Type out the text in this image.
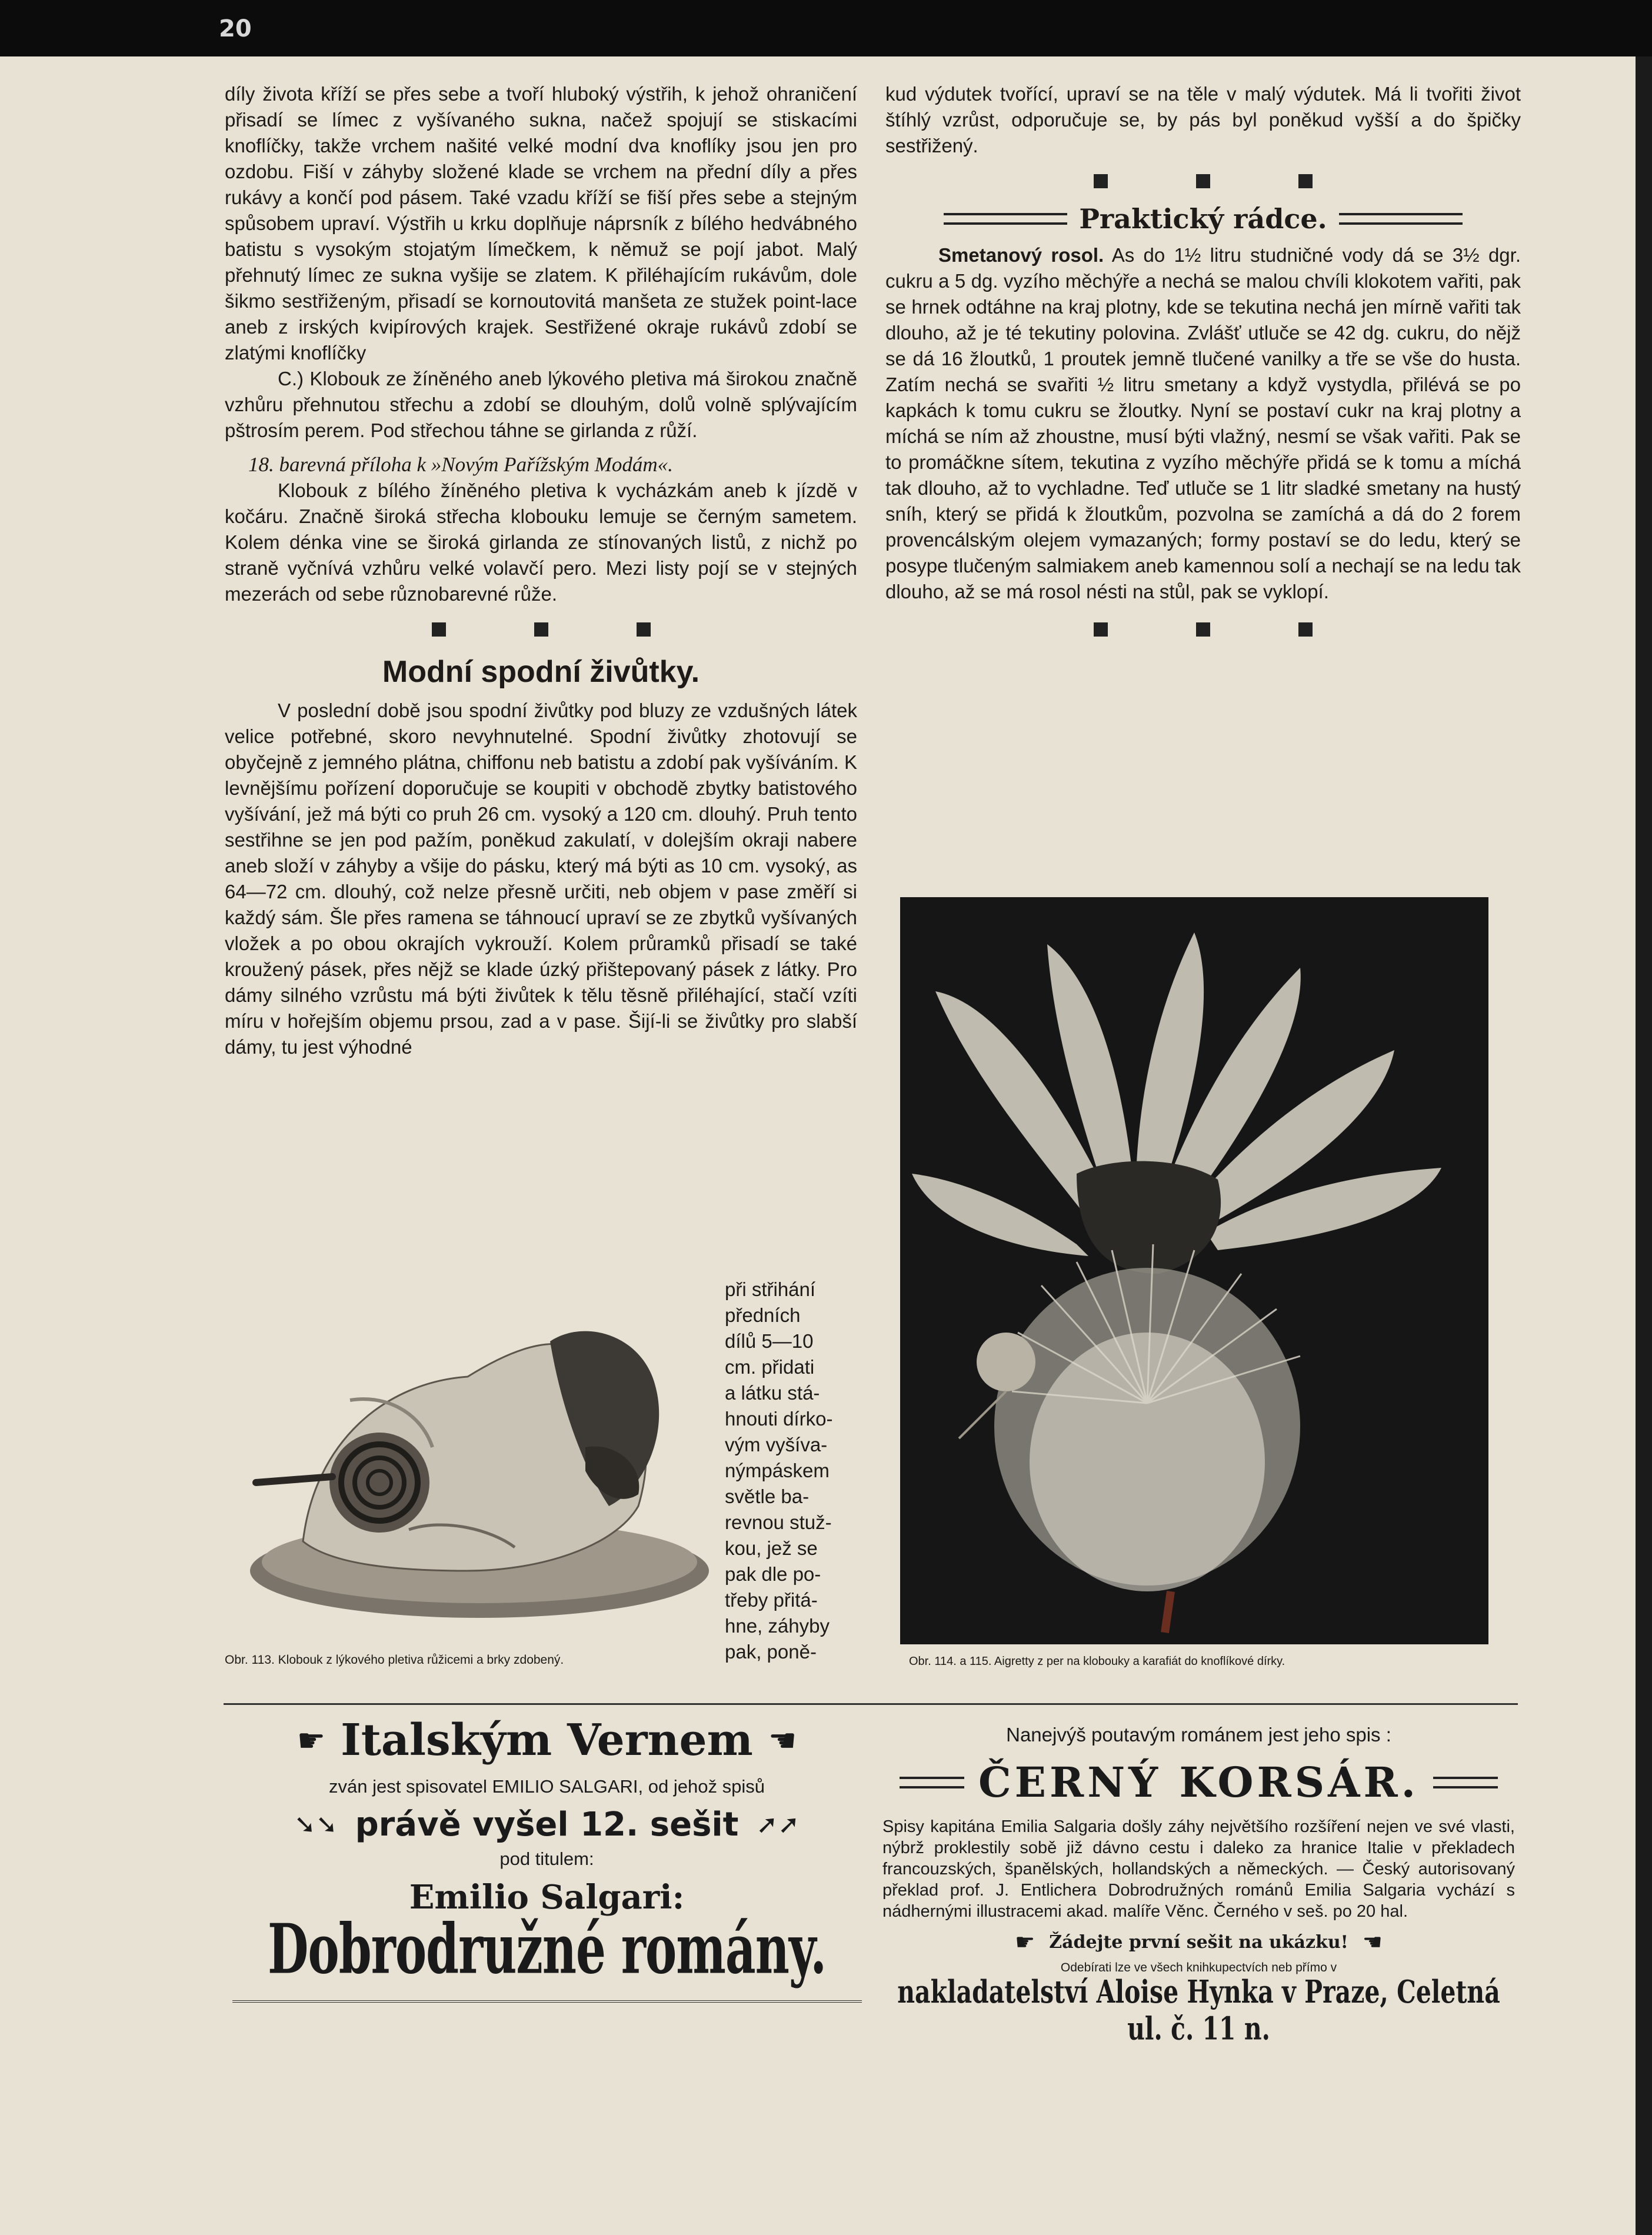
20

díly života kříží se přes sebe a tvoří hluboký výstřih, k jehož ohraničení přisadí se límec z vyšívaného sukna, načež spojují se stiskacími knoflíčky, takže vrchem našité velké modní dva knoflíky jsou jen pro ozdobu. Fiší v záhyby složené klade se vrchem na přední díly a přes rukávy a končí pod pásem. Také vzadu kříží se fiší přes sebe a stejným spůsobem upraví. Výstřih u krku doplňuje náprsník z bílého hedvábného batistu s vysokým stojatým límečkem, k němuž se pojí jabot. Malý přehnutý límec ze sukna vyšije se zlatem. K přiléhajícím rukávům, dole šikmo sestřiženým, přisadí se kornoutovitá manšeta ze stužek point-lace aneb z irských kvipírových krajek. Sestřižené okraje rukávů zdobí se zlatými knoflíčky

C.) Klobouk ze žíněného aneb lýkového pletiva má širokou značně vzhůru přehnutou střechu a zdobí se dlouhým, dolů volně splývajícím pštrosím perem. Pod střechou táhne se girlanda z růží.

18. barevná příloha k »Novým Pařížským Modám«.

Klobouk z bílého žíněného pletiva k vycházkám aneb k jízdě v kočáru. Značně široká střecha klobouku lemuje se černým sametem. Kolem dénka vine se široká girlanda ze stínovaných listů, z nichž po straně vyčnívá vzhůru velké volavčí pero. Mezi listy pojí se v stejných mezerách od sebe různobarevné růže.

Modní spodní živůtky.

V poslední době jsou spodní živůtky pod bluzy ze vzdušných látek velice potřebné, skoro nevyhnutelné. Spodní živůtky zhotovují se obyčejně z jemného plátna, chiffonu neb batistu a zdobí pak vyšíváním. K levnějšímu pořízení doporučuje se koupiti v obchodě zbytky batistového vyšívání, jež má býti co pruh 26 cm. vysoký a 120 cm. dlouhý. Pruh tento sestřihne se jen pod pažím, poněkud zakulatí, v dolejším okraji nabere aneb složí v záhyby a všije do pásku, který má býti as 10 cm. vysoký, as 64—72 cm. dlouhý, což nelze přesně určiti, neb objem v pase změří si každý sám. Šle přes ramena se táhnoucí upraví se ze zbytků vyšívaných vložek a po obou okrajích vykrouží. Kolem průramků přisadí se také kroužený pásek, přes nějž se klade úzký přištepovaný pásek z látky. Pro dámy silného vzrůstu má býti živůtek k tělu těsně přiléhající, stačí vzíti míru v hořejším objemu prsou, zad a v pase. Šijí-li se živůtky pro slabší dámy, tu jest výhodné

při střihání
předních
dílů 5—10
cm. přidati
a látku stá-
hnouti dírko-
vým vyšíva-
nýmpáskem
světle ba-
revnou stuž-
kou, jež se
pak dle po-
třeby přitá-
hne, záhyby
pak, poně-
Obr. 113. Klobouk z lýkového pletiva růžicemi a brky zdobený.

kud výdutek tvořící, upraví se na těle v malý výdutek. Má li tvořiti život štíhlý vzrůst, odporučuje se, by pás byl poněkud vyšší a do špičky sestřižený.

Praktický rádce.

Smetanový rosol. As do 1½ litru studničné vody dá se 3½ dgr. cukru a 5 dg. vyzího měchýře a nechá se malou chvíli klokotem vařiti, pak se hrnek odtáhne na kraj plotny, kde se tekutina nechá jen mírně vařiti tak dlouho, až je té tekutiny polovina. Zvlášť utluče se 42 dg. cukru, do nějž se dá 16 žloutků, 1 proutek jemně tlučené vanilky a tře se vše do husta. Zatím nechá se svařiti ½ litru smetany a když vystydla, přilévá se po kapkách k tomu cukru se žloutky. Nyní se postaví cukr na kraj plotny a míchá se ním až zhoustne, musí býti vlažný, nesmí se však vařiti. Pak se to promáčkne sítem, tekutina z vyzího měchýře přidá se k tomu a míchá tak dlouho, až to vychladne. Teď utluče se 1 litr sladké smetany na hustý sníh, který se přidá k žloutkům, pozvolna se zamíchá a dá do 2 forem provencálským olejem vymazaných; formy postaví se do ledu, který se posype tlučeným salmiakem aneb kamennou solí a nechají se na ledu tak dlouho, až se má rosol nésti na stůl, pak se vyklopí.

Obr. 114. a 115. Aigretty z per na klobouky a karafiát do knoflíkové dírky.
☛ Italským Vernem ☚
zván jest spisovatel EMILIO SALGARI, od jehož spisů
➘➘ právě vyšel 12. sešit ➚➚
pod titulem:
Emilio Salgari:
Dobrodružné romány.
Nanejvýš poutavým románem jest jeho spis :
ČERNÝ KORSÁR.

Spisy kapitána Emilia Salgaria došly záhy největšího rozšíření nejen ve své vlasti, nýbrž proklestily sobě již dávno cestu i daleko za hranice Italie v překladech francouzských, španělských, hollandských a německých. — Český autorisovaný překlad prof. J. Entlichera Dobrodružných románů Emilia Salgaria vychází s nádhernými illustracemi akad. malíře Věnc. Černého v seš. po 20 hal.

☛ Žádejte první sešit na ukázku! ☚
Odebírati lze ve všech knihkupectvích neb přímo v
nakladatelství Aloise Hynka v Praze, Celetná ul. č. 11 n.
